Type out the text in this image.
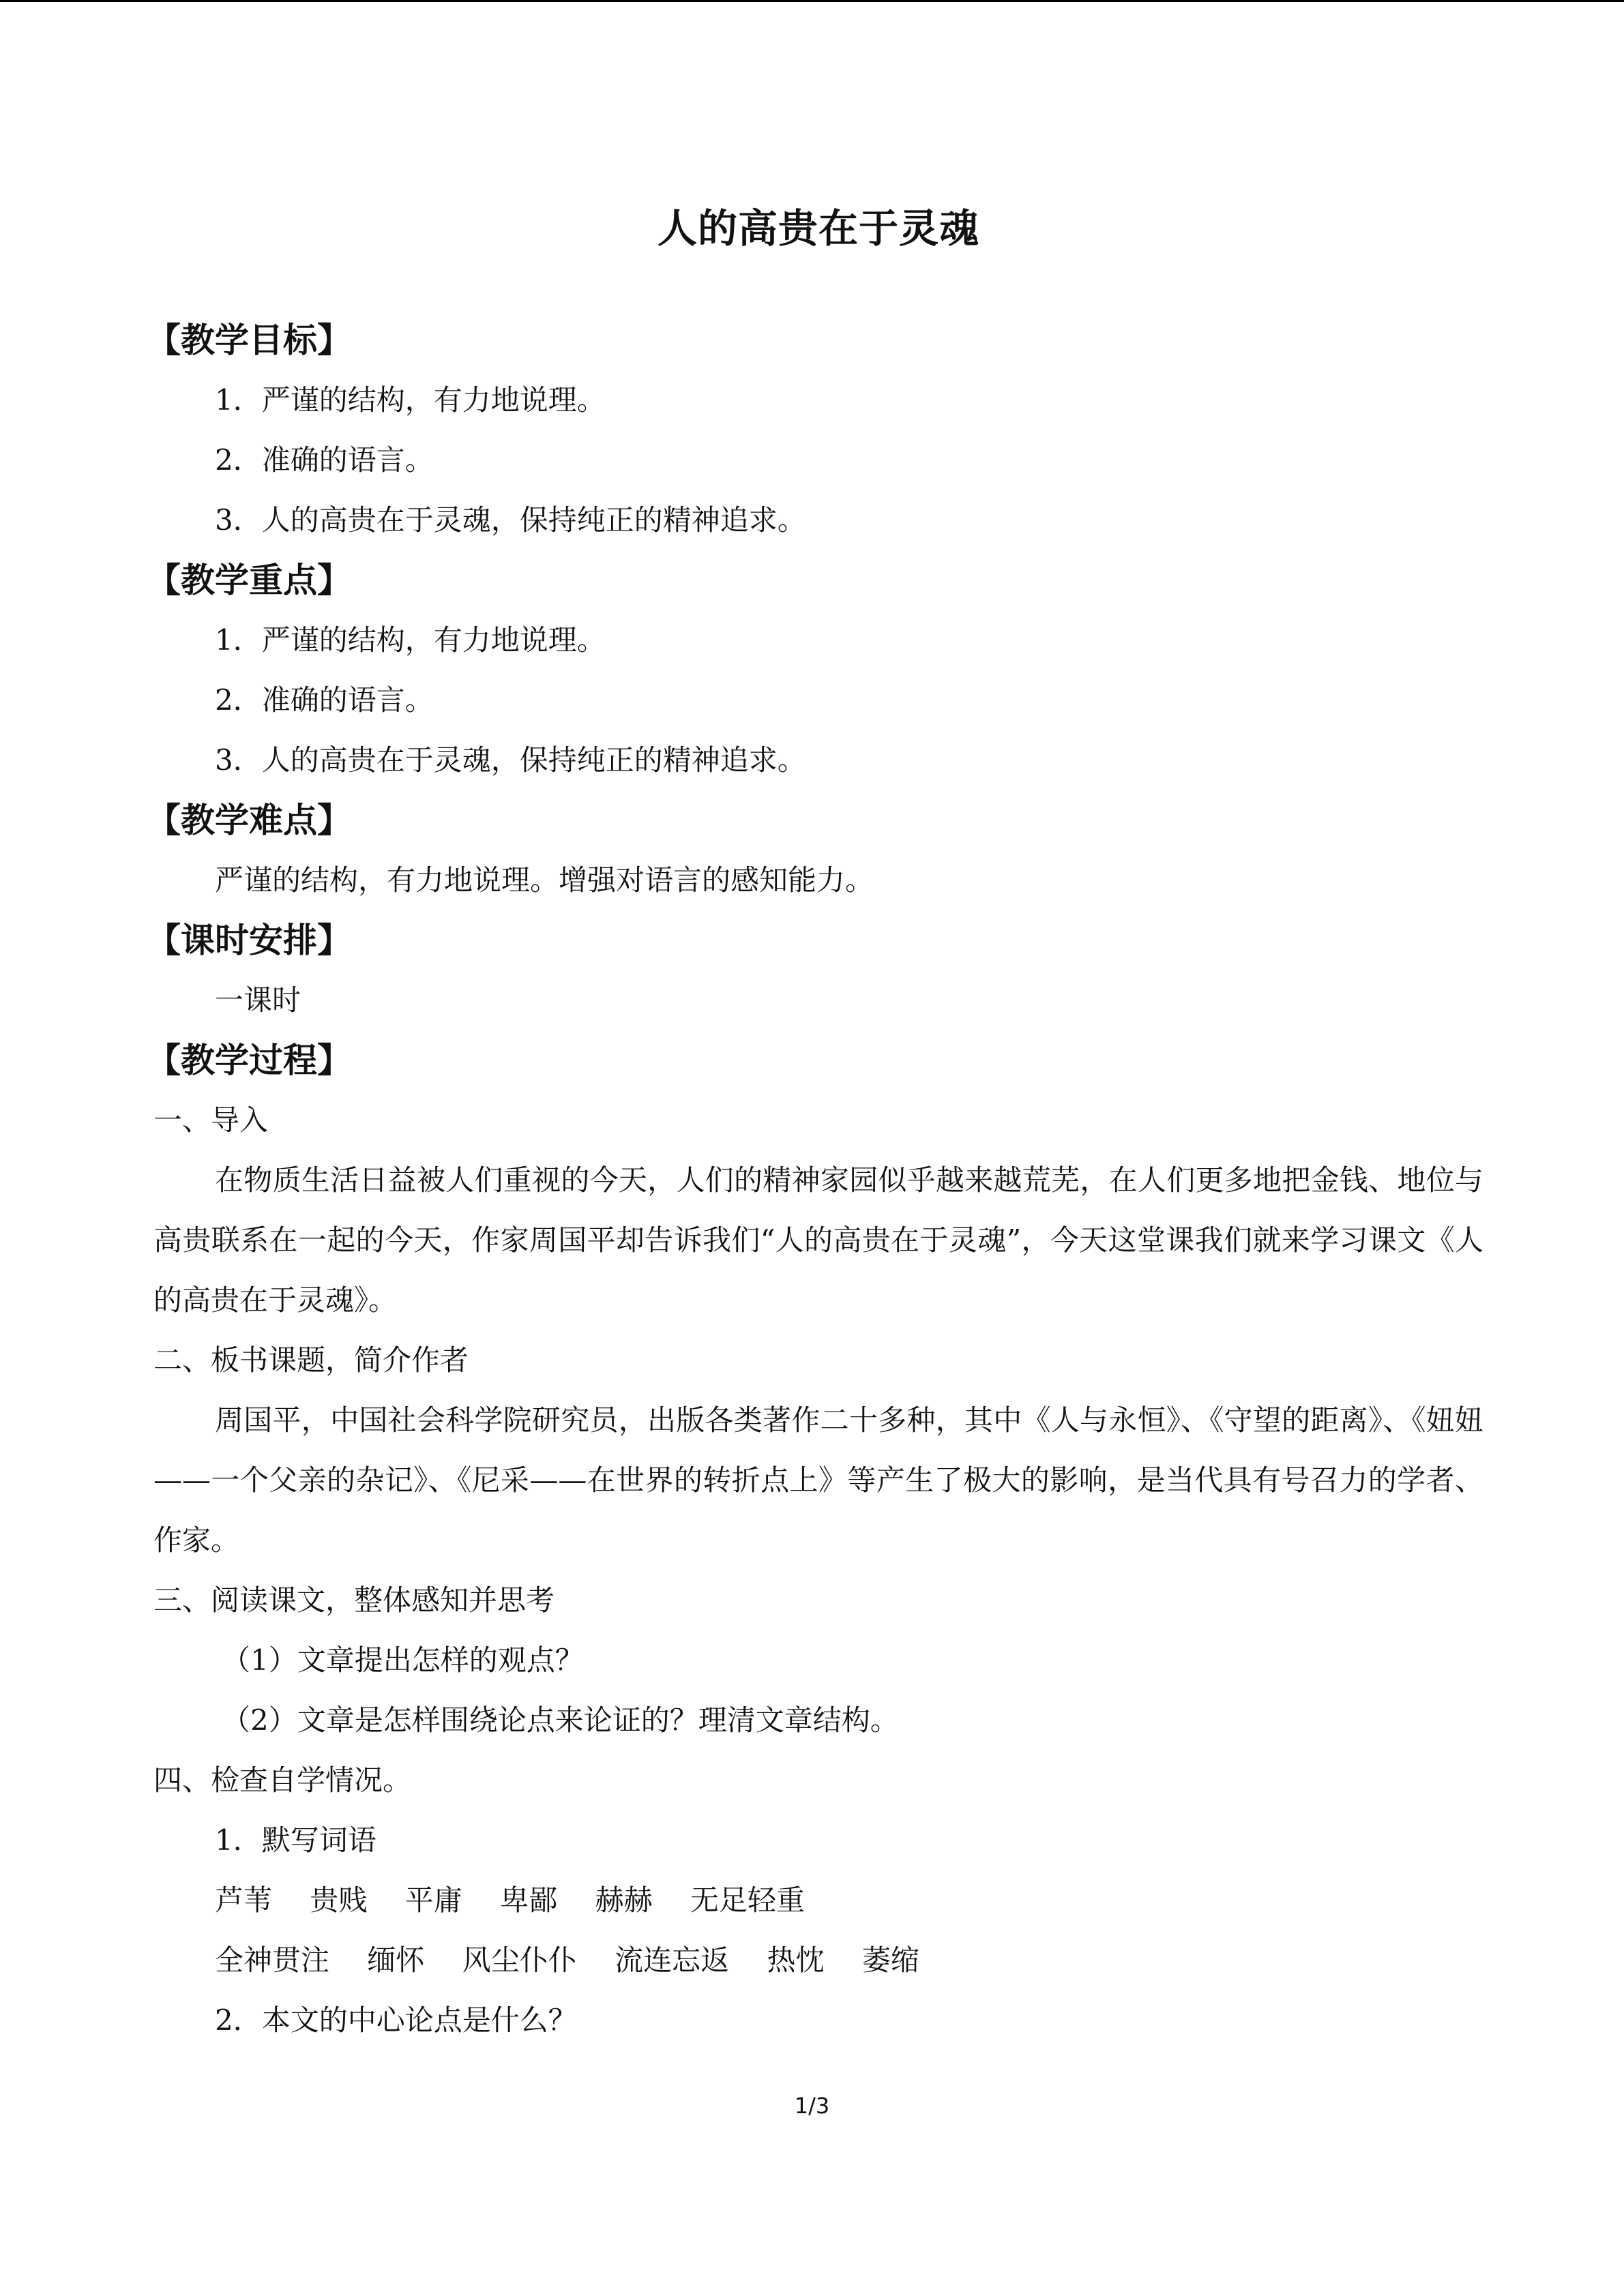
人的高贵在于灵魂
【教学目标】
1．严谨的结构，有力地说理。
2．准确的语言。
3．人的高贵在于灵魂，保持纯正的精神追求。
【教学重点】
1．严谨的结构，有力地说理。
2．准确的语言。
3．人的高贵在于灵魂，保持纯正的精神追求。
【教学难点】
严谨的结构，有力地说理。增强对语言的感知能力。
【课时安排】
一课时
【教学过程】
一、导入
在物质生活日益被人们重视的今天，人们的精神家园似乎越来越荒芜，在人们更多地把金钱、地位与高贵联系在一起的今天，作家周国平却告诉我们“人的高贵在于灵魂”，今天这堂课我们就来学习课文《人的高贵在于灵魂》。
二、板书课题，简介作者
周国平，中国社会科学院研究员，出版各类著作二十多种，其中《人与永恒》、《守望的距离》、《妞妞——一个父亲的杂记》、《尼采——在世界的转折点上》等产生了极大的影响，是当代具有号召力的学者、作家。
三、阅读课文，整体感知并思考
（1）文章提出怎样的观点？
（2）文章是怎样围绕论点来论证的？理清文章结构。
四、检查自学情况。
1．默写词语
芦苇 贵贱 平庸 卑鄙 赫赫 无足轻重
全神贯注 缅怀 风尘仆仆 流连忘返 热忱 萎缩
2．本文的中心论点是什么？
1/3
